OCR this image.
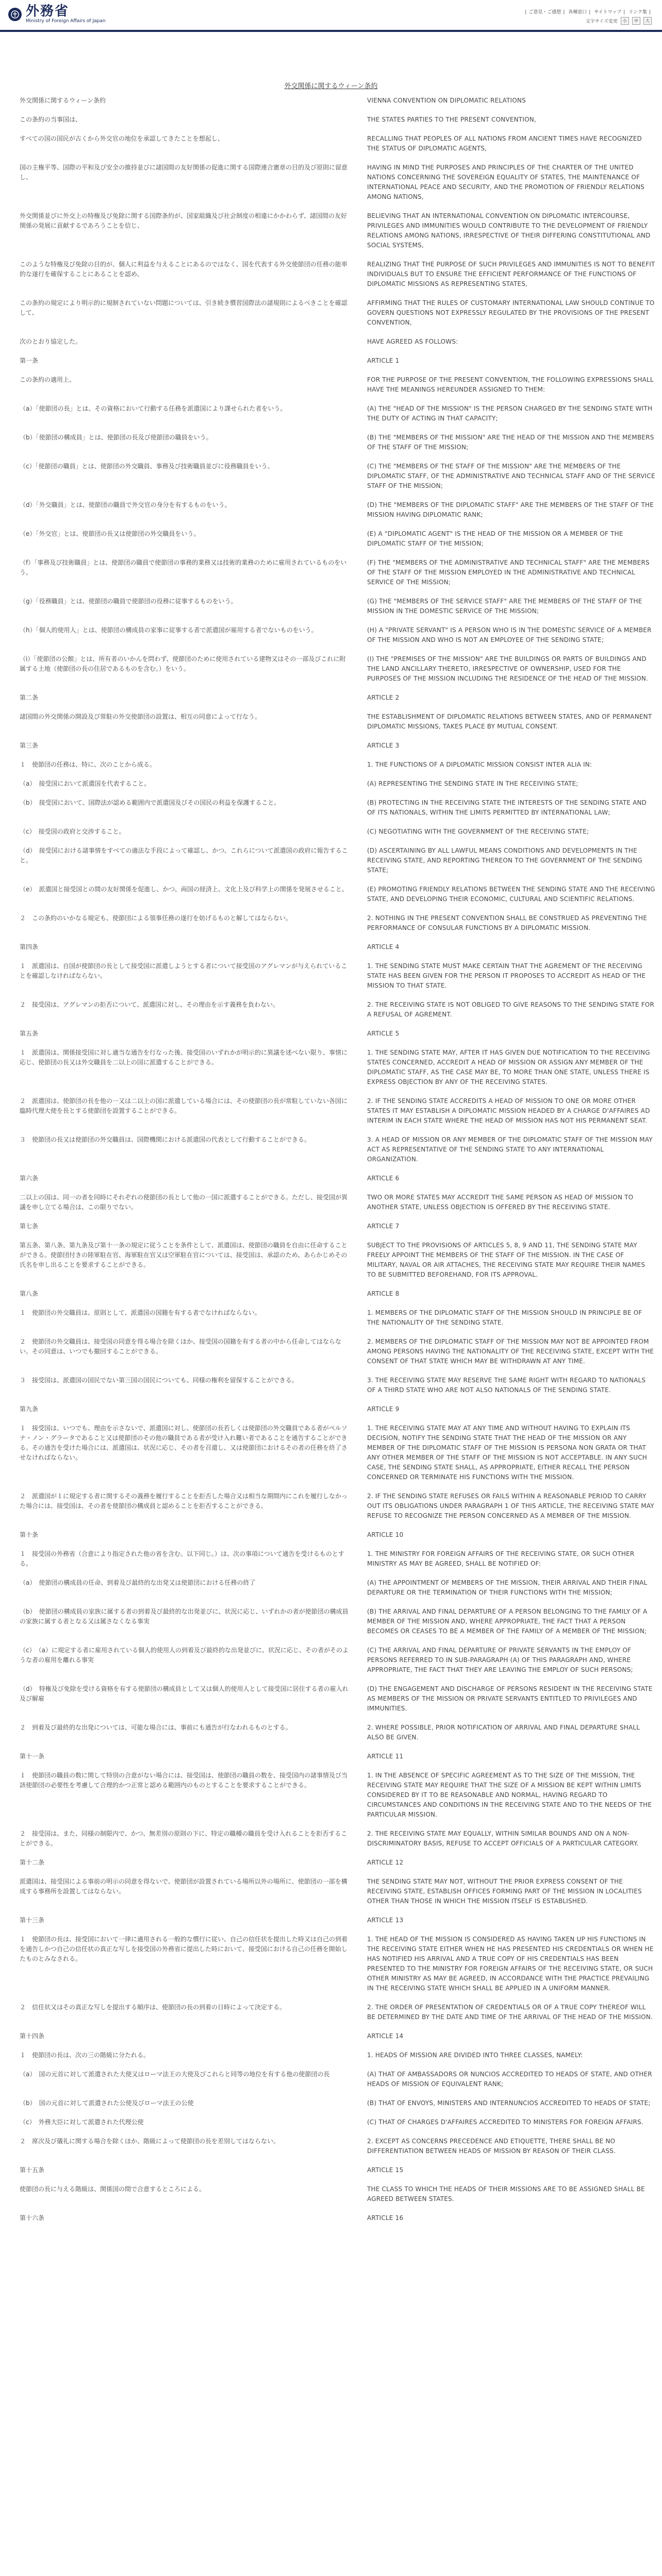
外務省
Ministry of Foreign Affairs of Japan
| ご意見・ご感想 | 各種窓口 | サイトマップ | リンク集 |
文字サイズ変更	小	中	大
外交関係に関するウィーン条約
外交関係に関するウィーン条約	VIENNA CONVENTION ON DIPLOMATIC RELATIONS
この条約の当事国は、	THE STATES PARTIES TO THE PRESENT CONVENTION,
すべての国の国民が古くから外交官の地位を承認してきたことを想起し、	RECALLING THAT PEOPLES OF ALL NATIONS FROM ANCIENT TIMES HAVE RECOGNIZED THE STATUS OF DIPLOMATIC AGENTS,
国の主権平等、国際の平和及び安全の維持並びに諸国間の友好関係の促進に関する国際連合憲章の目的及び原則に留意し、	HAVING IN MIND THE PURPOSES AND PRINCIPLES OF THE CHARTER OF THE UNITED NATIONS CONCERNING THE SOVEREIGN EQUALITY OF STATES, THE MAINTENANCE OF INTERNATIONAL PEACE AND SECURITY, AND THE PROMOTION OF FRIENDLY RELATIONS AMONG NATIONS,
外交関係並びに外交上の特権及び免除に関する国際条約が、国家組織及び社会制度の相違にかかわらず、諸国間の友好関係の発展に貢献するであろうことを信じ、	BELIEVING THAT AN INTERNATIONAL CONVENTION ON DIPLOMATIC INTERCOURSE, PRIVILEGES AND IMMUNITIES WOULD CONTRIBUTE TO THE DEVELOPMENT OF FRIENDLY RELATIONS AMONG NATIONS, IRRESPECTIVE OF THEIR DIFFERING CONSTITUTIONAL AND SOCIAL SYSTEMS,
このような特権及び免除の目的が、個人に利益を与えることにあるのではなく、国を代表する外交使節団の任務の能率的な遂行を確保することにあることを認め、	REALIZING THAT THE PURPOSE OF SUCH PRIVILEGES AND IMMUNITIES IS NOT TO BENEFIT INDIVIDUALS BUT TO ENSURE THE EFFICIENT PERFORMANCE OF THE FUNCTIONS OF DIPLOMATIC MISSIONS AS REPRESENTING STATES,
この条約の規定により明示的に規制されていない問題については、引き続き慣習国際法の諸規則によるべきことを確認して、	AFFIRMING THAT THE RULES OF CUSTOMARY INTERNATIONAL LAW SHOULD CONTINUE TO GOVERN QUESTIONS NOT EXPRESSLY REGULATED BY THE PROVISIONS OF THE PRESENT CONVENTION,
次のとおり協定した。	HAVE AGREED AS FOLLOWS:
第一条	ARTICLE 1
この条約の適用上、	FOR THE PURPOSE OF THE PRESENT CONVENTION, THE FOLLOWING EXPRESSIONS SHALL HAVE THE MEANINGS HEREUNDER ASSIGNED TO THEM:
（a）「使節団の長」とは、その資格において行動する任務を派遣国により課せられた者をいう。	(A) THE "HEAD OF THE MISSION" IS THE PERSON CHARGED BY THE SENDING STATE WITH THE DUTY OF ACTING IN THAT CAPACITY;
（b）「使節団の構成員」とは、使節団の長及び使節団の職員をいう。	(B) THE "MEMBERS OF THE MISSION" ARE THE HEAD OF THE MISSION AND THE MEMBERS OF THE STAFF OF THE MISSION;
（c）「使節団の職員」とは、使節団の外交職員、事務及び技術職員並びに役務職員をいう。	(C) THE "MEMBERS OF THE STAFF OF THE MISSION" ARE THE MEMBERS OF THE DIPLOMATIC STAFF, OF THE ADMINISTRATIVE AND TECHNICAL STAFF AND OF THE SERVICE STAFF OF THE MISSION;
（d）「外交職員」とは、使節団の職員で外交官の身分を有するものをいう。	(D) THE "MEMBERS OF THE DIPLOMATIC STAFF" ARE THE MEMBERS OF THE STAFF OF THE MISSION HAVING DIPLOMATIC RANK;
（e）「外交官」とは、使節団の長又は使節団の外交職員をいう。	(E) A "DIPLOMATIC AGENT" IS THE HEAD OF THE MISSION OR A MEMBER OF THE DIPLOMATIC STAFF OF THE MISSION;
（f）「事務及び技術職員」とは、使節団の職員で使節団の事務的業務又は技術的業務のために雇用されているものをいう。	(F) THE "MEMBERS OF THE ADMINISTRATIVE AND TECHNICAL STAFF" ARE THE MEMBERS OF THE STAFF OF THE MISSION EMPLOYED IN THE ADMINISTRATIVE AND TECHNICAL SERVICE OF THE MISSION;
（g）「役務職員」とは、使節団の職員で使節団の役務に従事するものをいう。	(G) THE "MEMBERS OF THE SERVICE STAFF" ARE THE MEMBERS OF THE STAFF OF THE MISSION IN THE DOMESTIC SERVICE OF THE MISSION;
（h）「個人的使用人」とは、使節団の構成員の家事に従事する者で派遣国が雇用する者でないものをいう。	(H) A "PRIVATE SERVANT" IS A PERSON WHO IS IN THE DOMESTIC SERVICE OF A MEMBER OF THE MISSION AND WHO IS NOT AN EMPLOYEE OF THE SENDING STATE;
（i）「使節団の公館」とは、所有者のいかんを問わず、使節団のために使用されている建物又はその一部及びこれに附属する土地（使節団の長の住居であるものを含む。）をいう。	(I) THE "PREMISES OF THE MISSION" ARE THE BUILDINGS OR PARTS OF BUILDINGS AND THE LAND ANCILLARY THERETO, IRRESPECTIVE OF OWNERSHIP, USED FOR THE PURPOSES OF THE MISSION INCLUDING THE RESIDENCE OF THE HEAD OF THE MISSION.
第二条	ARTICLE 2
諸国間の外交関係の開設及び常駐の外交使節団の設置は、相互の同意によって行なう。	THE ESTABLISHMENT OF DIPLOMATIC RELATIONS BETWEEN STATES, AND OF PERMANENT DIPLOMATIC MISSIONS, TAKES PLACE BY MUTUAL CONSENT.
第三条	ARTICLE 3
１　使節団の任務は、特に、次のことから成る。	1. THE FUNCTIONS OF A DIPLOMATIC MISSION CONSIST INTER ALIA IN:
（a）　接受国において派遣国を代表すること。	(A) REPRESENTING THE SENDING STATE IN THE RECEIVING STATE;
（b）　接受国において、国際法が認める範囲内で派遣国及びその国民の利益を保護すること。	(B) PROTECTING IN THE RECEIVING STATE THE INTERESTS OF THE SENDING STATE AND OF ITS NATIONALS, WITHIN THE LIMITS PERMITTED BY INTERNATIONAL LAW;
（c）　接受国の政府と交渉すること。	(C) NEGOTIATING WITH THE GOVERNMENT OF THE RECEIVING STATE;
（d）　接受国における諸事情をすべての適法な手段によって確認し、かつ、これらについて派遣国の政府に報告すること。	(D) ASCERTAINING BY ALL LAWFUL MEANS CONDITIONS AND DEVELOPMENTS IN THE RECEIVING STATE, AND REPORTING THEREON TO THE GOVERNMENT OF THE SENDING STATE;
（e）　派遣国と接受国との間の友好関係を促進し、かつ、両国の経済上、文化上及び科学上の関係を発展させること。	(E) PROMOTING FRIENDLY RELATIONS BETWEEN THE SENDING STATE AND THE RECEIVING STATE, AND DEVELOPING THEIR ECONOMIC, CULTURAL AND SCIENTIFIC RELATIONS.
２　この条約のいかなる規定も、使節団による領事任務の遂行を妨げるものと解してはならない。	2. NOTHING IN THE PRESENT CONVENTION SHALL BE CONSTRUED AS PREVENTING THE PERFORMANCE OF CONSULAR FUNCTIONS BY A DIPLOMATIC MISSION.
第四条	ARTICLE 4
１　派遣国は、自国が使節団の長として接受国に派遣しようとする者について接受国のアグレマンが与えられていることを確認しなければならない。	1. THE SENDING STATE MUST MAKE CERTAIN THAT THE AGREMENT OF THE RECEIVING STATE HAS BEEN GIVEN FOR THE PERSON IT PROPOSES TO ACCREDIT AS HEAD OF THE MISSION TO THAT STATE.
２　接受国は、アグレマンの拒否について、派遣国に対し、その理由を示す義務を負わない。	2. THE RECEIVING STATE IS NOT OBLIGED TO GIVE REASONS TO THE SENDING STATE FOR A REFUSAL OF AGREMENT.
第五条	ARTICLE 5
１　派遣国は、関係接受国に対し適当な通告を行なった後、接受国のいずれかが明示的に異議を述べない限り、事情に応じ、使節団の長又は外交職員を二以上の国に派遣することができる。	1. THE SENDING STATE MAY, AFTER IT HAS GIVEN DUE NOTIFICATION TO THE RECEIVING STATES CONCERNED, ACCREDIT A HEAD OF MISSION OR ASSIGN ANY MEMBER OF THE DIPLOMATIC STAFF, AS THE CASE MAY BE, TO MORE THAN ONE STATE, UNLESS THERE IS EXPRESS OBJECTION BY ANY OF THE RECEIVING STATES.
２　派遣国は、使節団の長を他の一又は二以上の国に派遣している場合には、その使節団の長が常駐していない各国に臨時代理大使を長とする使節団を設置することができる。	2. IF THE SENDING STATE ACCREDITS A HEAD OF MISSION TO ONE OR MORE OTHER STATES IT MAY ESTABLISH A DIPLOMATIC MISSION HEADED BY A CHARGE D'AFFAIRES AD INTERIM IN EACH STATE WHERE THE HEAD OF MISSION HAS NOT HIS PERMANENT SEAT.
３　使節団の長又は使節団の外交職員は、国際機関における派遣国の代表として行動することができる。	3. A HEAD OF MISSION OR ANY MEMBER OF THE DIPLOMATIC STAFF OF THE MISSION MAY ACT AS REPRESENTATIVE OF THE SENDING STATE TO ANY INTERNATIONAL ORGANIZATION.
第六条	ARTICLE 6
二以上の国は、同一の者を同時にそれぞれの使節団の長として他の一国に派遣することができる。ただし、接受国が異議を申し立てる場合は、この限りでない。	TWO OR MORE STATES MAY ACCREDIT THE SAME PERSON AS HEAD OF MISSION TO ANOTHER STATE, UNLESS OBJECTION IS OFFERED BY THE RECEIVING STATE.
第七条	ARTICLE 7
第五条、第八条、第九条及び第十一条の規定に従うことを条件として、派遣国は、使節団の職員を自由に任命することができる。使節団付きの陸軍駐在官、海軍駐在官又は空軍駐在官については、接受国は、承認のため、あらかじめその氏名を申し出ることを要求することができる。	SUBJECT TO THE PROVISIONS OF ARTICLES 5, 8, 9 AND 11, THE SENDING STATE MAY FREELY APPOINT THE MEMBERS OF THE STAFF OF THE MISSION. IN THE CASE OF MILITARY, NAVAL OR AIR ATTACHES, THE RECEIVING STATE MAY REQUIRE THEIR NAMES TO BE SUBMITTED BEFOREHAND, FOR ITS APPROVAL.
第八条	ARTICLE 8
１　使節団の外交職員は、原則として、派遣国の国籍を有する者でなければならない。	1. MEMBERS OF THE DIPLOMATIC STAFF OF THE MISSION SHOULD IN PRINCIPLE BE OF THE NATIONALITY OF THE SENDING STATE.
２　使節団の外交職員は、接受国の同意を得る場合を除くほか、接受国の国籍を有する者の中から任命してはならない。その同意は、いつでも撤回することができる。	2. MEMBERS OF THE DIPLOMATIC STAFF OF THE MISSION MAY NOT BE APPOINTED FROM AMONG PERSONS HAVING THE NATIONALITY OF THE RECEIVING STATE, EXCEPT WITH THE CONSENT OF THAT STATE WHICH MAY BE WITHDRAWN AT ANY TIME.
３　接受国は、派遣国の国民でない第三国の国民についても、同様の権利を留保することができる。	3. THE RECEIVING STATE MAY RESERVE THE SAME RIGHT WITH REGARD TO NATIONALS OF A THIRD STATE WHO ARE NOT ALSO NATIONALS OF THE SENDING STATE.
第九条	ARTICLE 9
１　接受国は、いつでも、理由を示さないで、派遣国に対し、使節団の長若しくは使節団の外交職員である者がペルソナ・ノン・グラータであること又は使節団のその他の職員である者が受け入れ難い者であることを通告することができる。その通告を受けた場合には、派遣国は、状況に応じ、その者を召還し、又は使節団におけるその者の任務を終了させなければならない。	1. THE RECEIVING STATE MAY AT ANY TIME AND WITHOUT HAVING TO EXPLAIN ITS DECISION, NOTIFY THE SENDING STATE THAT THE HEAD OF THE MISSION OR ANY MEMBER OF THE DIPLOMATIC STAFF OF THE MISSION IS PERSONA NON GRATA OR THAT ANY OTHER MEMBER OF THE STAFF OF THE MISSION IS NOT ACCEPTABLE. IN ANY SUCH CASE, THE SENDING STATE SHALL, AS APPROPRIATE, EITHER RECALL THE PERSON CONCERNED OR TERMINATE HIS FUNCTIONS WITH THE MISSION.
２　派遣国が１に規定する者に関するその義務を履行することを拒否した場合又は相当な期間内にこれを履行しなかった場合には、接受国は、その者を使節団の構成員と認めることを拒否することができる。	2. IF THE SENDING STATE REFUSES OR FAILS WITHIN A REASONABLE PERIOD TO CARRY OUT ITS OBLIGATIONS UNDER PARAGRAPH 1 OF THIS ARTICLE, THE RECEIVING STATE MAY REFUSE TO RECOGNIZE THE PERSON CONCERNED AS A MEMBER OF THE MISSION.
第十条	ARTICLE 10
１　接受国の外務省（合意により指定された他の省を含む。以下同じ。）は、次の事項について通告を受けるものとする。	1. THE MINISTRY FOR FOREIGN AFFAIRS OF THE RECEIVING STATE, OR SUCH OTHER MINISTRY AS MAY BE AGREED, SHALL BE NOTIFIED OF:
（a）　使節団の構成員の任命、到着及び最終的な出発又は使節団における任務の終了	(A) THE APPOINTMENT OF MEMBERS OF THE MISSION, THEIR ARRIVAL AND THEIR FINAL DEPARTURE OR THE TERMINATION OF THEIR FUNCTIONS WITH THE MISSION;
（b）　使節団の構成員の家族に属する者の到着及び最終的な出発並びに、状況に応じ、いずれかの者が使節団の構成員の家族に属する者となる又は属さなくなる事実	(B) THE ARRIVAL AND FINAL DEPARTURE OF A PERSON BELONGING TO THE FAMILY OF A MEMBER OF THE MISSION AND, WHERE APPROPRIATE, THE FACT THAT A PERSON BECOMES OR CEASES TO BE A MEMBER OF THE FAMILY OF A MEMBER OF THE MISSION;
（c）　（a）に規定する者に雇用されている個人的使用人の到着及び最終的な出発並びに、状況に応じ、その者がそのような者の雇用を離れる事実	(C) THE ARRIVAL AND FINAL DEPARTURE OF PRIVATE SERVANTS IN THE EMPLOY OF PERSONS REFERRED TO IN SUB-PARAGRAPH (A) OF THIS PARAGRAPH AND, WHERE APPROPRIATE, THE FACT THAT THEY ARE LEAVING THE EMPLOY OF SUCH PERSONS;
（d）　特権及び免除を受ける資格を有する使節団の構成員として又は個人的使用人として接受国に居住する者の雇入れ及び解雇	(D) THE ENGAGEMENT AND DISCHARGE OF PERSONS RESIDENT IN THE RECEIVING STATE AS MEMBERS OF THE MISSION OR PRIVATE SERVANTS ENTITLED TO PRIVILEGES AND IMMUNITIES.
２　到着及び最終的な出発については、可能な場合には、事前にも通告が行なわれるものとする。	2. WHERE POSSIBLE, PRIOR NOTIFICATION OF ARRIVAL AND FINAL DEPARTURE SHALL ALSO BE GIVEN.
第十一条	ARTICLE 11
１　使節団の職員の数に関して特別の合意がない場合には、接受国は、使節団の職員の数を、接受国内の諸事情及び当該使節団の必要性を考慮して合理的かつ正常と認める範囲内のものとすることを要求することができる。	1. IN THE ABSENCE OF SPECIFIC AGREEMENT AS TO THE SIZE OF THE MISSION, THE RECEIVING STATE MAY REQUIRE THAT THE SIZE OF A MISSION BE KEPT WITHIN LIMITS CONSIDERED BY IT TO BE REASONABLE AND NORMAL, HAVING REGARD TO CIRCUMSTANCES AND CONDITIONS IN THE RECEIVING STATE AND TO THE NEEDS OF THE PARTICULAR MISSION.
２　接受国は、また、同様の制限内で、かつ、無差別の原則の下に、特定の職種の職員を受け入れることを拒否することができる。	2. THE RECEIVING STATE MAY EQUALLY, WITHIN SIMILAR BOUNDS AND ON A NON-DISCRIMINATORY BASIS, REFUSE TO ACCEPT OFFICIALS OF A PARTICULAR CATEGORY.
第十二条	ARTICLE 12
派遣国は、接受国による事前の明示の同意を得ないで、使節団が設置されている場所以外の場所に、使節団の一部を構成する事務所を設置してはならない。	THE SENDING STATE MAY NOT, WITHOUT THE PRIOR EXPRESS CONSENT OF THE RECEIVING STATE, ESTABLISH OFFICES FORMING PART OF THE MISSION IN LOCALITIES OTHER THAN THOSE IN WHICH THE MISSION ITSELF IS ESTABLISHED.
第十三条	ARTICLE 13
１　使節団の長は、接受国において一律に適用される一般的な慣行に従い、自己の信任状を提出した時又は自己の到着を通告しかつ自己の信任状の真正な写しを接受国の外務省に提出した時において、接受国における自己の任務を開始したものとみなされる。	1. THE HEAD OF THE MISSION IS CONSIDERED AS HAVING TAKEN UP HIS FUNCTIONS IN THE RECEIVING STATE EITHER WHEN HE HAS PRESENTED HIS CREDENTIALS OR WHEN HE HAS NOTIFIED HIS ARRIVAL AND A TRUE COPY OF HIS CREDENTIALS HAS BEEN PRESENTED TO THE MINISTRY FOR FOREIGN AFFAIRS OF THE RECEIVING STATE, OR SUCH OTHER MINISTRY AS MAY BE AGREED, IN ACCORDANCE WITH THE PRACTICE PREVAILING IN THE RECEIVING STATE WHICH SHALL BE APPLIED IN A UNIFORM MANNER.
２　信任状又はその真正な写しを提出する順序は、使節団の長の到着の日時によって決定する。	2. THE ORDER OF PRESENTATION OF CREDENTIALS OR OF A TRUE COPY THEREOF WILL BE DETERMINED BY THE DATE AND TIME OF THE ARRIVAL OF THE HEAD OF THE MISSION.
第十四条	ARTICLE 14
１　使節団の長は、次の三の階級に分たれる。	1. HEADS OF MISSION ARE DIVIDED INTO THREE CLASSES, NAMELY:
（a）　国の元首に対して派遣された大使又はローマ法王の大使及びこれらと同等の地位を有する他の使節団の長	(A) THAT OF AMBASSADORS OR NUNCIOS ACCREDITED TO HEADS OF STATE, AND OTHER HEADS OF MISSION OF EQUIVALENT RANK;
（b）　国の元首に対して派遣された公使及びローマ法王の公使	(B) THAT OF ENVOYS, MINISTERS AND INTERNUNCIOS ACCREDITED TO HEADS OF STATE;
（c）　外務大臣に対して派遣された代理公使	(C) THAT OF CHARGES D'AFFAIRES ACCREDITED TO MINISTERS FOR FOREIGN AFFAIRS.
２　席次及び儀礼に関する場合を除くほか、階級によって使節団の長を差別してはならない。	2. EXCEPT AS CONCERNS PRECEDENCE AND ETIQUETTE, THERE SHALL BE NO DIFFERENTIATION BETWEEN HEADS OF MISSION BY REASON OF THEIR CLASS.
第十五条	ARTICLE 15
使節団の長に与える階級は、関係国の間で合意するところによる。	THE CLASS TO WHICH THE HEADS OF THEIR MISSIONS ARE TO BE ASSIGNED SHALL BE AGREED BETWEEN STATES.
第十六条	ARTICLE 16
